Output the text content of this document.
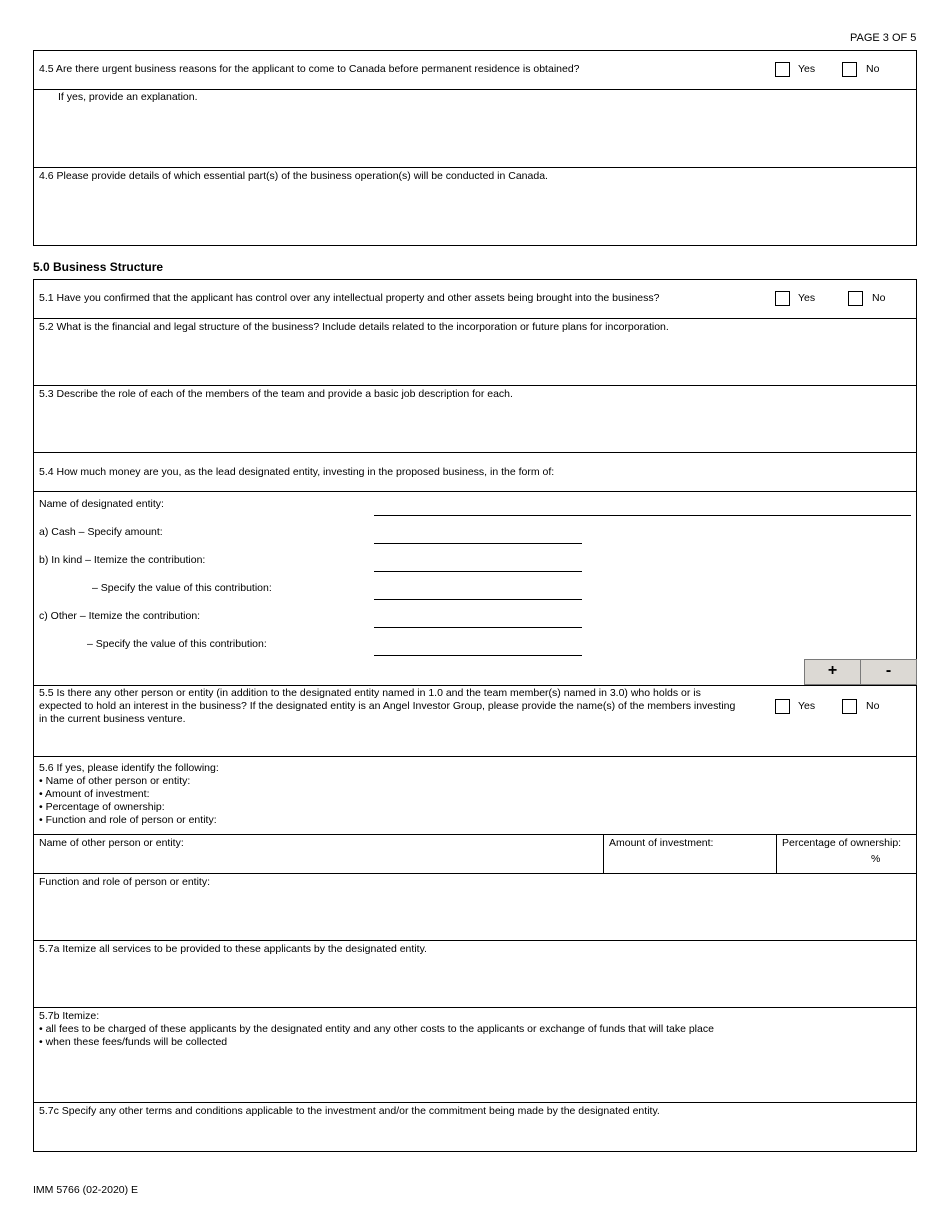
PAGE 3 OF 5
4.5 Are there urgent business reasons for the applicant to come to Canada before permanent residence is obtained?	Yes	No
If yes, provide an explanation.
4.6 Please provide details of which essential part(s) of the business operation(s) will be conducted in Canada.
5.0 Business Structure
5.1 Have you confirmed that the applicant has control over any intellectual property and other assets being brought into the business?	Yes	No
5.2 What is the financial and legal structure of the business? Include details related to the incorporation or future plans for incorporation.
5.3 Describe the role of each of the members of the team and provide a basic job description for each.
5.4 How much money are you, as the lead designated entity, investing in the proposed business, in the form of:
Name of designated entity:
a) Cash – Specify amount:
b) In kind – Itemize the contribution:
– Specify the value of this contribution:
c) Other – Itemize the contribution:
– Specify the value of this contribution:
+	-
5.5 Is there any other person or entity (in addition to the designated entity named in 1.0 and the team member(s) named in 3.0) who holds or is
expected to hold an interest in the business? If the designated entity is an Angel Investor Group, please provide the name(s) of the members investing
in the current business venture.
Yes	No
5.6 If yes, please identify the following:
• Name of other person or entity:
• Amount of investment:
• Percentage of ownership:
• Function and role of person or entity:
Name of other person or entity:	Amount of investment:	Percentage of ownership:
%
Function and role of person or entity:
5.7a Itemize all services to be provided to these applicants by the designated entity.
5.7b Itemize:
• all fees to be charged of these applicants by the designated entity and any other costs to the applicants or exchange of funds that will take place
• when these fees/funds will be collected
5.7c Specify any other terms and conditions applicable to the investment and/or the commitment being made by the designated entity.
IMM 5766 (02-2020) E
